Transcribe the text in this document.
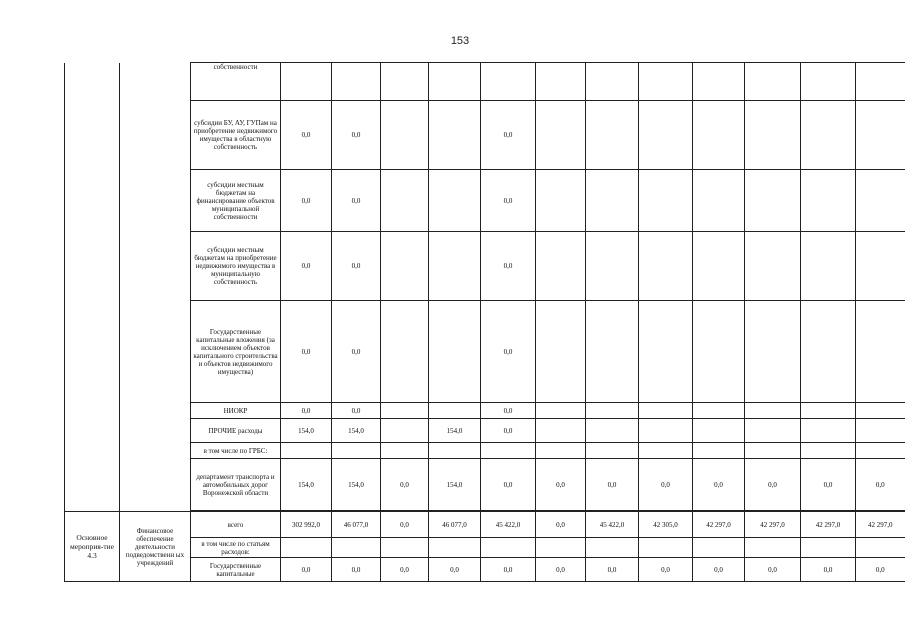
153
		собственности												
		субсидии БУ, АУ, ГУПам на приобретение недвижимого имущества в областную собственность	0,0	0,0			0,0							
		субсидии местным бюджетам на финансирование объектов муниципальной собственности	0,0	0,0			0,0							
		субсидии местным бюджетам на приобретение недвижимого имущества в муниципальную собственность	0,0	0,0			0,0							
		Государственные капитальные вложения (за исключением объектов капитального строительства и объектов недвижимого имущества)	0,0	0,0			0,0							
		НИОКР	0,0	0,0			0,0							
		ПРОЧИЕ расходы	154,0	154,0		154,0	0,0							
		в том числе по ГРБС:												
		департамент транспорта и автомобильных дорог Воронежской области	154,0	154,0	0,0	154,0	0,0	0,0	0,0	0,0	0,0	0,0	0,0	0,0

Основное мероприя-тие 4.3	Финансовое обеспечение деятельности подведомственн ых учреждений	всего	302 992,0	46 077,0	0,0	46 077,0	45 422,0	0,0	45 422,0	42 305,0	42 297,0	42 297,0	42 297,0	42 297,0
		в том числе по статьям расходов:												
		Государственные капитальные	0,0	0,0	0,0	0,0	0,0	0,0	0,0	0,0	0,0	0,0	0,0	0,0
